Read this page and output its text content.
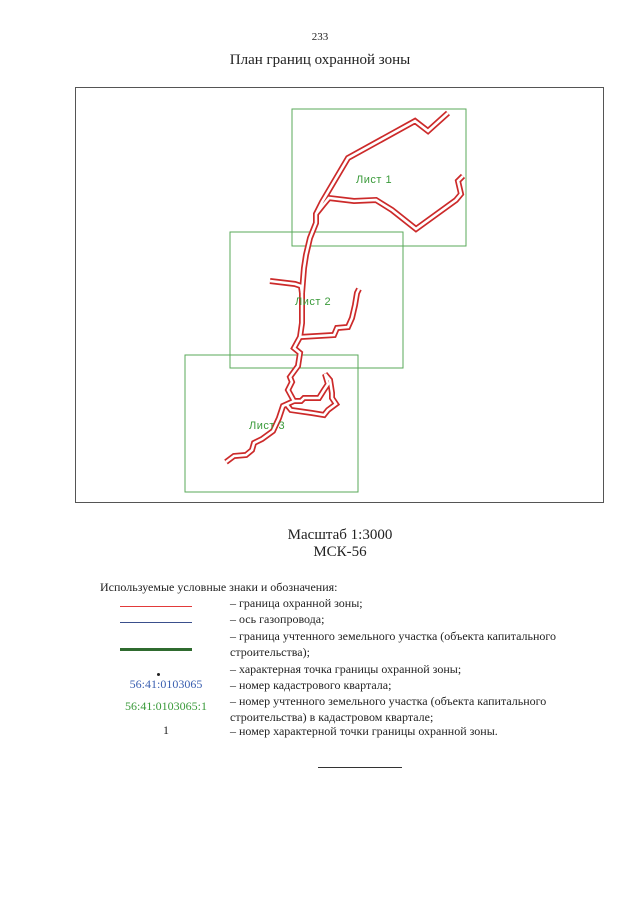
233
План границ охранной зоны
Лист 1
Лист 2
Лист 3
Масштаб 1:3000
МСК-56
Используемые условные знаки и обозначения:
– граница охранной зоны;
– ось газопровода;
– граница учтенного земельного участка (объекта капитального строительства);
– характерная точка границы охранной зоны;
56:41:0103065	– номер кадастрового квартала;
56:41:0103065:1	– номер учтенного земельного участка (объекта капитального строительства) в кадастровом квартале;
1	– номер характерной точки границы охранной зоны.
